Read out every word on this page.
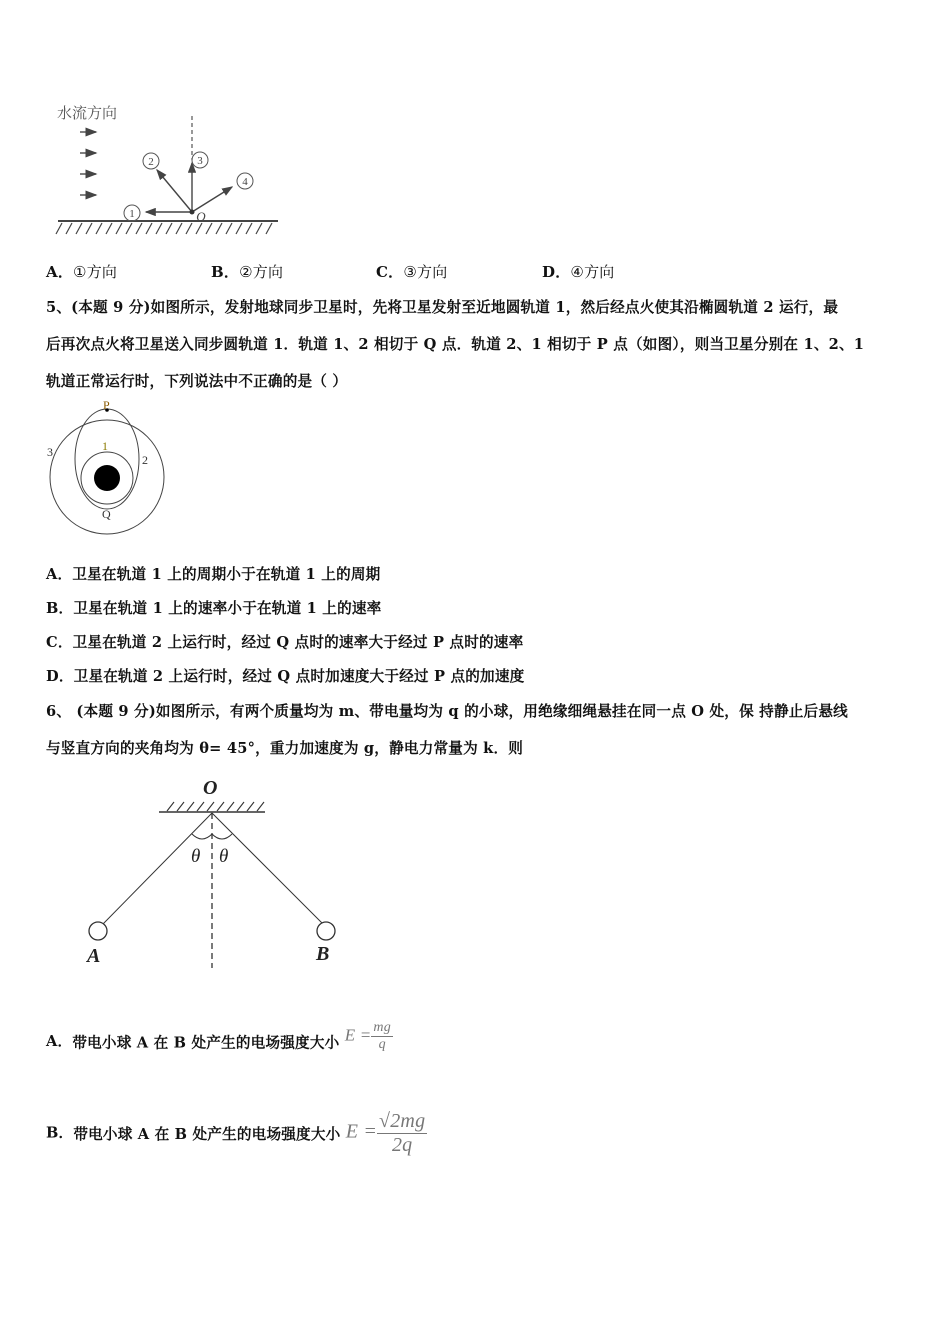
水流方向
1
2	3
4
O
A．①方向	B．②方向	C．③方向	D．④方向
5、(本题 9 分)如图所示，发射地球同步卫星时，先将卫星发射至近地圆轨道 1，然后经点火使其沿椭圆轨道 2 运行，最
后再次点火将卫星送入同步圆轨道 1．轨道 1、2 相切于 Q 点．轨道 2、1 相切于 P 点（如图），则当卫星分别在 1、2、1
轨道正常运行时，下列说法中不正确的是（ ）
P
1
2
3
Q
A．卫星在轨道 1 上的周期小于在轨道 1 上的周期
B．卫星在轨道 1 上的速率小于在轨道 1 上的速率
C．卫星在轨道 2 上运行时，经过 Q 点时的速率大于经过 P 点时的速率
D．卫星在轨道 2 上运行时，经过 Q 点时加速度大于经过 P 点的加速度
6、 (本题 9 分)如图所示，有两个质量均为 m、带电量均为 q 的小球，用绝缘细绳悬挂在同一点 O 处，保 持静止后悬线
与竖直方向的夹角均为 θ= 45°，重力加速度为 g，静电力常量为 k．则
O
θ θ
A	B
A．带电小球 A 在 B 处产生的电场强度大小 $E = \frac{mg}{q}$
B．带电小球 A 在 B 处产生的电场强度大小 $E = \frac{√2mg}{2q}$
